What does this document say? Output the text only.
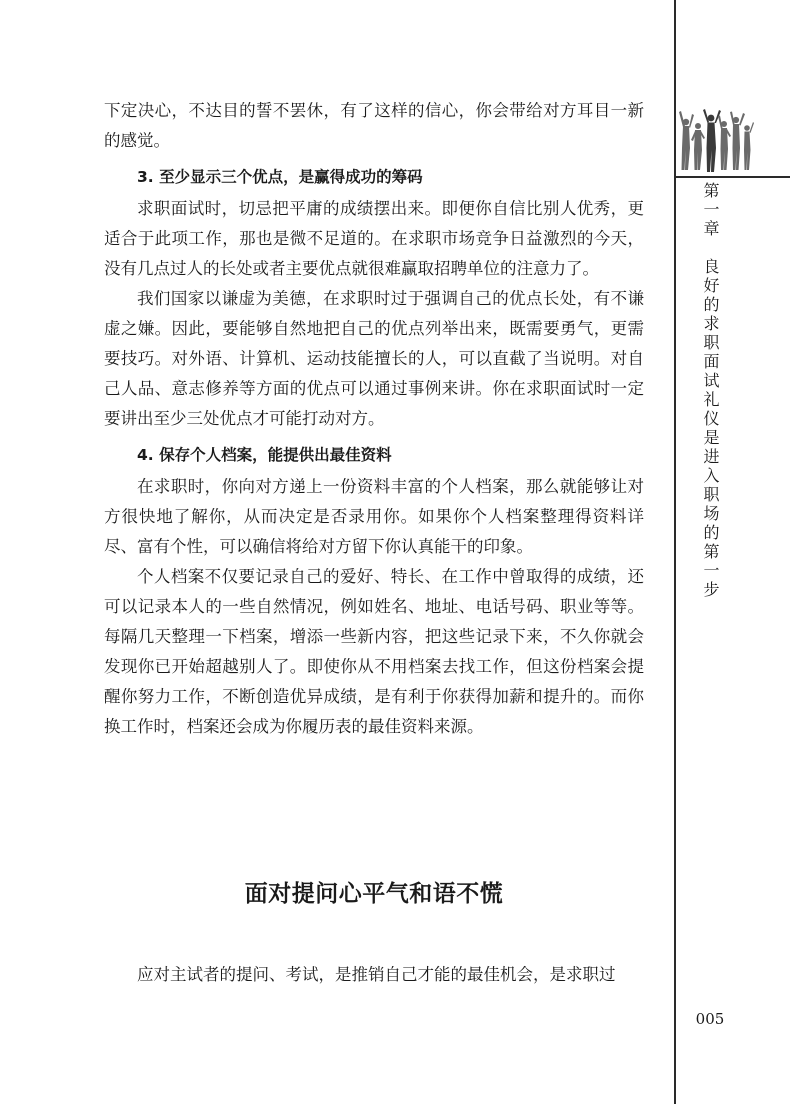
下定决心，不达目的誓不罢休，有了这样的信心，你会带给对方耳目一新的感觉。

3. 至少显示三个优点，是赢得成功的筹码

求职面试时，切忌把平庸的成绩摆出来。即便你自信比别人优秀，更适合于此项工作，那也是微不足道的。在求职市场竞争日益激烈的今天，没有几点过人的长处或者主要优点就很难赢取招聘单位的注意力了。

我们国家以谦虚为美德，在求职时过于强调自己的优点长处，有不谦虚之嫌。因此，要能够自然地把自己的优点列举出来，既需要勇气，更需要技巧。对外语、计算机、运动技能擅长的人，可以直截了当说明。对自己人品、意志修养等方面的优点可以通过事例来讲。你在求职面试时一定要讲出至少三处优点才可能打动对方。

4. 保存个人档案，能提供出最佳资料

在求职时，你向对方递上一份资料丰富的个人档案，那么就能够让对方很快地了解你，从而决定是否录用你。如果你个人档案整理得资料详尽、富有个性，可以确信将给对方留下你认真能干的印象。

个人档案不仅要记录自己的爱好、特长、在工作中曾取得的成绩，还可以记录本人的一些自然情况，例如姓名、地址、电话号码、职业等等。每隔几天整理一下档案，增添一些新内容，把这些记录下来，不久你就会发现你已开始超越别人了。即使你从不用档案去找工作，但这份档案会提醒你努力工作，不断创造优异成绩，是有利于你获得加薪和提升的。而你换工作时，档案还会成为你履历表的最佳资料来源。

面对提问心平气和语不慌

应对主试者的提问、考试，是推销自己才能的最佳机会，是求职过

第一章　良好的求职面试礼仪是进入职场的第一步
005
